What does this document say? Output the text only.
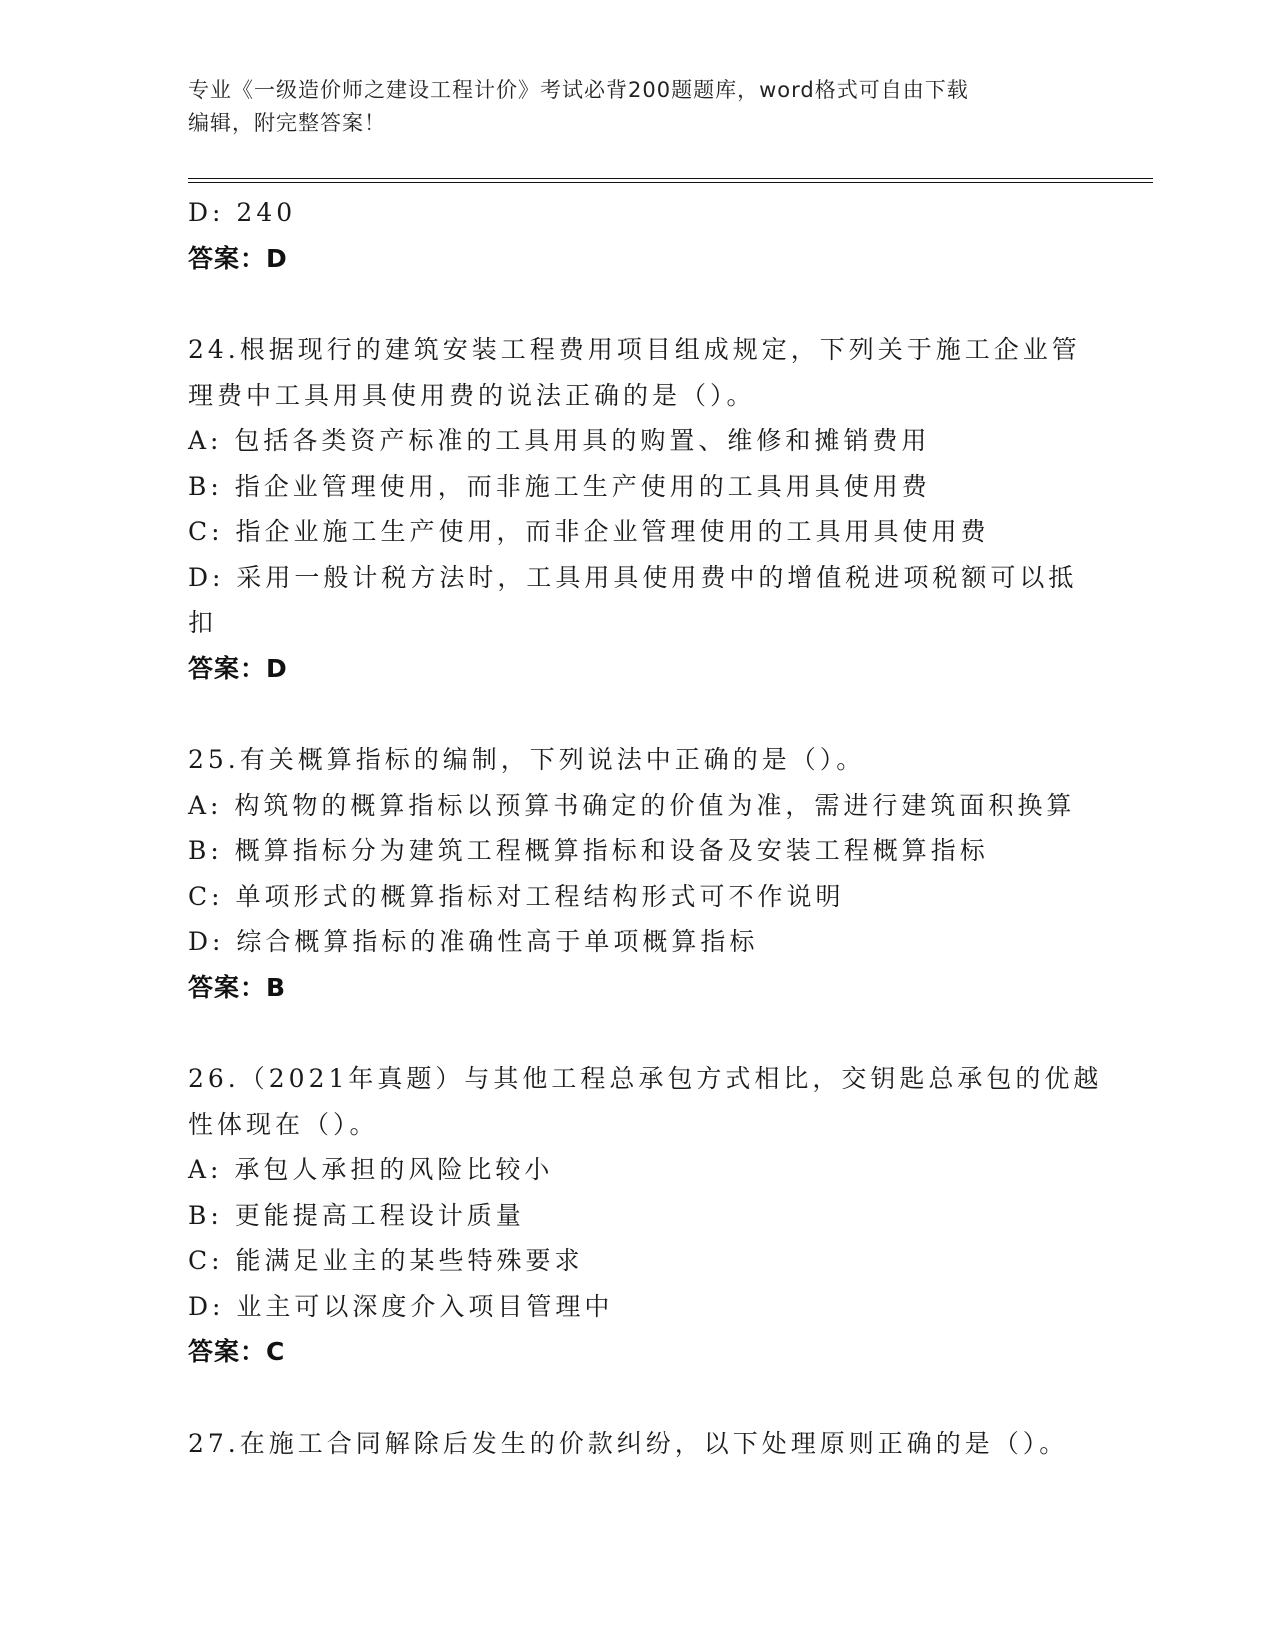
专业《一级造价师之建设工程计价》考试必背200题题库，word格式可自由下载
编辑，附完整答案！
D: 240
答案：D
24.根据现行的建筑安装工程费用项目组成规定，下列关于施工企业管
理费中工具用具使用费的说法正确的是（）。
A: 包括各类资产标准的工具用具的购置、维修和摊销费用
B: 指企业管理使用，而非施工生产使用的工具用具使用费
C: 指企业施工生产使用，而非企业管理使用的工具用具使用费
D: 采用一般计税方法时，工具用具使用费中的增值税进项税额可以抵
扣
答案：D
25.有关概算指标的编制，下列说法中正确的是（）。
A: 构筑物的概算指标以预算书确定的价值为准，需进行建筑面积换算
B: 概算指标分为建筑工程概算指标和设备及安装工程概算指标
C: 单项形式的概算指标对工程结构形式可不作说明
D: 综合概算指标的准确性高于单项概算指标
答案：B
26.（2021年真题）与其他工程总承包方式相比，交钥匙总承包的优越
性体现在（）。
A: 承包人承担的风险比较小
B: 更能提高工程设计质量
C: 能满足业主的某些特殊要求
D: 业主可以深度介入项目管理中
答案：C
27.在施工合同解除后发生的价款纠纷，以下处理原则正确的是（）。
